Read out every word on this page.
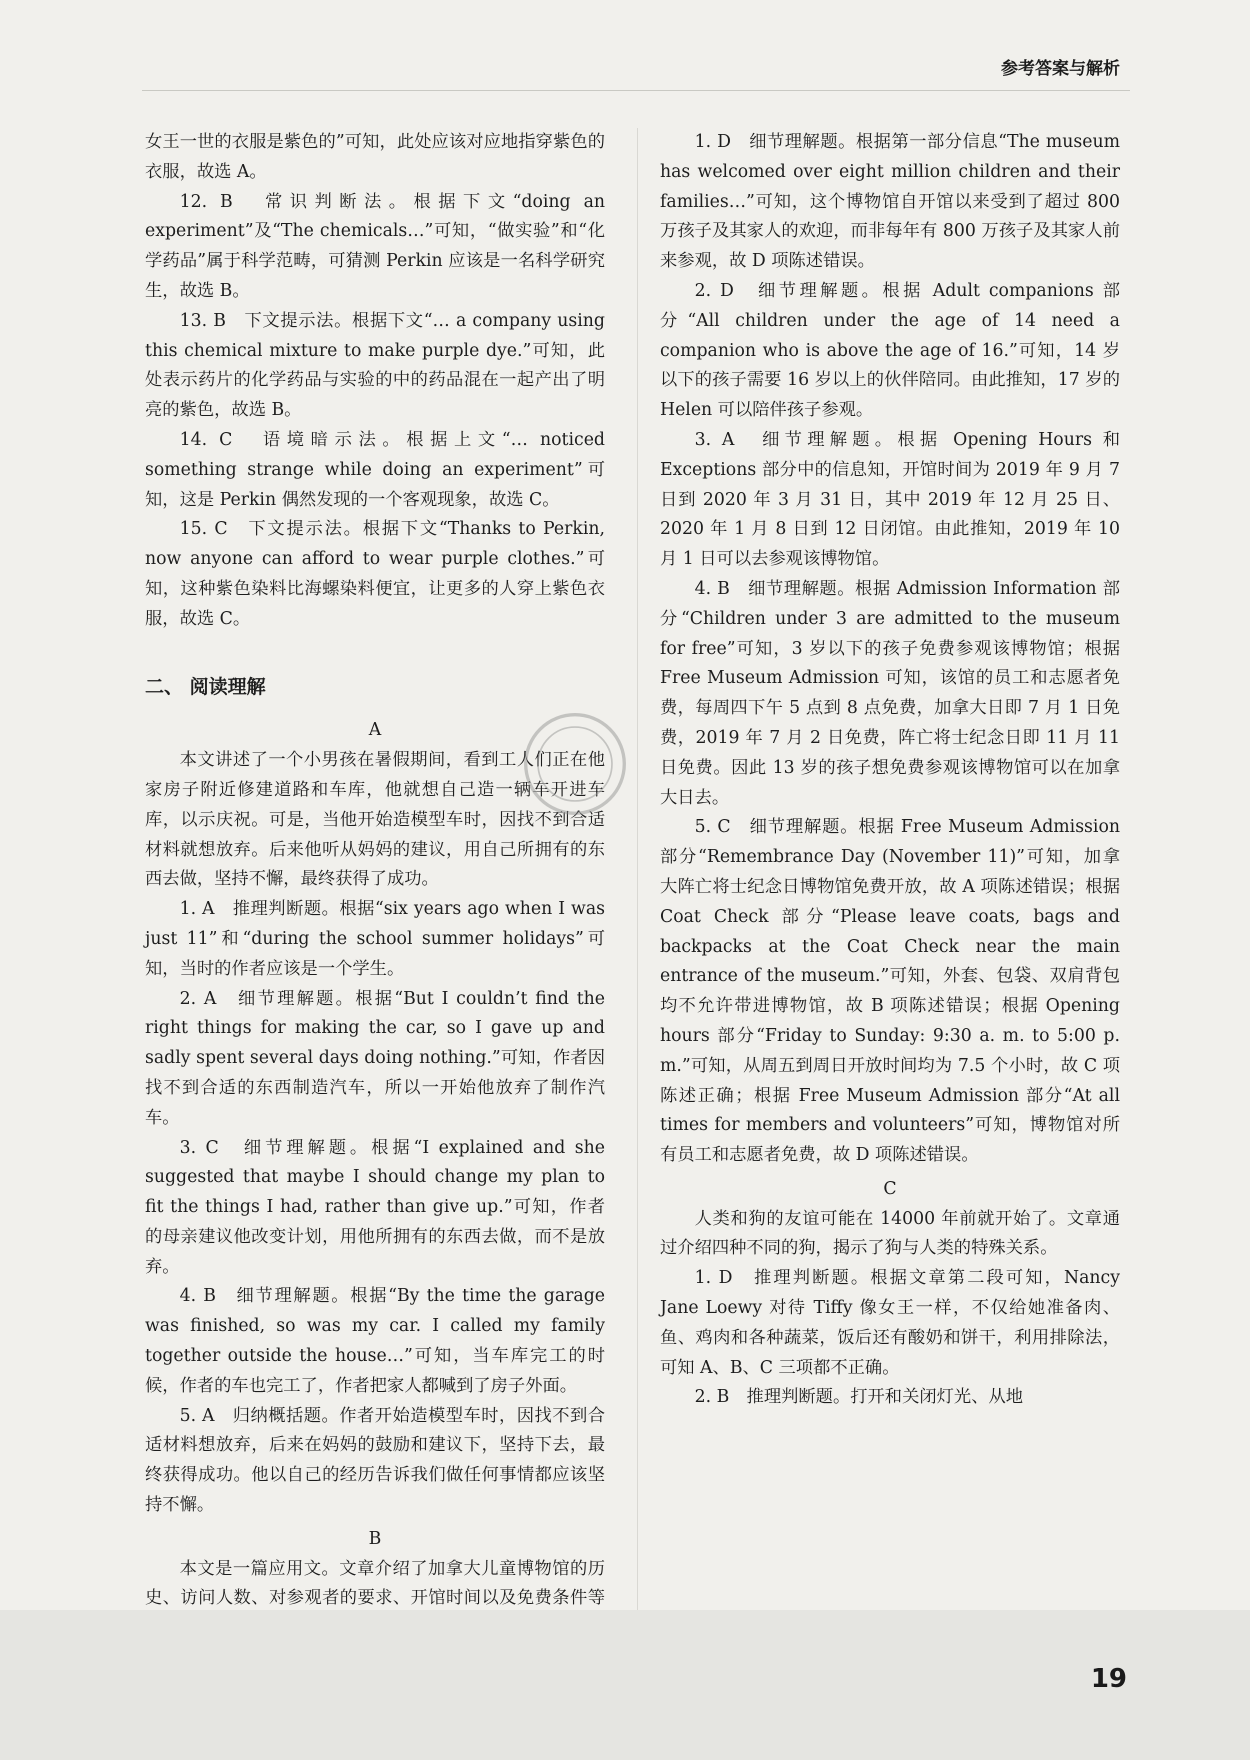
参考答案与解析

女王一世的衣服是紫色的”可知，此处应该对应地指穿紫色的衣服，故选 A。

12. B　常识判断法。根据下文“doing an experiment”及“The chemicals…”可知，“做实验”和“化学药品”属于科学范畴，可猜测 Perkin 应该是一名科学研究生，故选 B。

13. B　下文提示法。根据下文“… a company using this chemical mixture to make purple dye.”可知，此处表示药片的化学药品与实验的中的药品混在一起产出了明亮的紫色，故选 B。

14. C　语境暗示法。根据上文“… noticed something strange while doing an experiment”可知，这是 Perkin 偶然发现的一个客观现象，故选 C。

15. C　下文提示法。根据下文“Thanks to Perkin, now anyone can afford to wear purple clothes.”可知，这种紫色染料比海螺染料便宜，让更多的人穿上紫色衣服，故选 C。

二、 阅读理解

A

本文讲述了一个小男孩在暑假期间，看到工人们正在他家房子附近修建道路和车库，他就想自己造一辆车开进车库，以示庆祝。可是，当他开始造模型车时，因找不到合适材料就想放弃。后来他听从妈妈的建议，用自己所拥有的东西去做，坚持不懈，最终获得了成功。

1. A　推理判断题。根据“six years ago when I was just 11”和“during the school summer holidays”可知，当时的作者应该是一个学生。

2. A　细节理解题。根据“But I couldn’t find the right things for making the car, so I gave up and sadly spent several days doing nothing.”可知，作者因找不到合适的东西制造汽车，所以一开始他放弃了制作汽车。

3. C　细节理解题。根据“I explained and she suggested that maybe I should change my plan to fit the things I had, rather than give up.”可知，作者的母亲建议他改变计划，用他所拥有的东西去做，而不是放弃。

4. B　细节理解题。根据“By the time the garage was finished, so was my car. I called my family together outside the house…”可知，当车库完工的时候，作者的车也完工了，作者把家人都喊到了房子外面。

5. A　归纳概括题。作者开始造模型车时，因找不到合适材料想放弃，后来在妈妈的鼓励和建议下，坚持下去，最终获得成功。他以自己的经历告诉我们做任何事情都应该坚持不懈。

B

本文是一篇应用文。文章介绍了加拿大儿童博物馆的历史、访问人数、对参观者的要求、开馆时间以及免费条件等

1. D　细节理解题。根据第一部分信息“The museum has welcomed over eight million children and their families…”可知，这个博物馆自开馆以来受到了超过 800 万孩子及其家人的欢迎，而非每年有 800 万孩子及其家人前来参观，故 D 项陈述错误。

2. D　细节理解题。根据 Adult companions 部分“All children under the age of 14 need a companion who is above the age of 16.”可知，14 岁以下的孩子需要 16 岁以上的伙伴陪同。由此推知，17 岁的 Helen 可以陪伴孩子参观。

3. A　细节理解题。根据 Opening Hours 和 Exceptions 部分中的信息知，开馆时间为 2019 年 9 月 7 日到 2020 年 3 月 31 日，其中 2019 年 12 月 25 日、2020 年 1 月 8 日到 12 日闭馆。由此推知，2019 年 10 月 1 日可以去参观该博物馆。

4. B　细节理解题。根据 Admission Information 部分“Children under 3 are admitted to the museum for free”可知，3 岁以下的孩子免费参观该博物馆；根据 Free Museum Admission 可知，该馆的员工和志愿者免费，每周四下午 5 点到 8 点免费，加拿大日即 7 月 1 日免费，2019 年 7 月 2 日免费，阵亡将士纪念日即 11 月 11 日免费。因此 13 岁的孩子想免费参观该博物馆可以在加拿大日去。

5. C　细节理解题。根据 Free Museum Admission 部分“Remembrance Day (November 11)”可知，加拿大阵亡将士纪念日博物馆免费开放，故 A 项陈述错误；根据 Coat Check 部分“Please leave coats, bags and backpacks at the Coat Check near the main entrance of the museum.”可知，外套、包袋、双肩背包均不允许带进博物馆，故 B 项陈述错误；根据 Opening hours 部分“Friday to Sunday: 9:30 a. m. to 5:00 p. m.”可知，从周五到周日开放时间均为 7.5 个小时，故 C 项陈述正确；根据 Free Museum Admission 部分“At all times for members and volunteers”可知，博物馆对所有员工和志愿者免费，故 D 项陈述错误。

C

人类和狗的友谊可能在 14000 年前就开始了。文章通过介绍四种不同的狗，揭示了狗与人类的特殊关系。

1. D　推理判断题。根据文章第二段可知，Nancy Jane Loewy 对待 Tiffy 像女王一样，不仅给她准备肉、鱼、鸡肉和各种蔬菜，饭后还有酸奶和饼干，利用排除法，可知 A、B、C 三项都不正确。

2. B　推理判断题。打开和关闭灯光、从地

19
